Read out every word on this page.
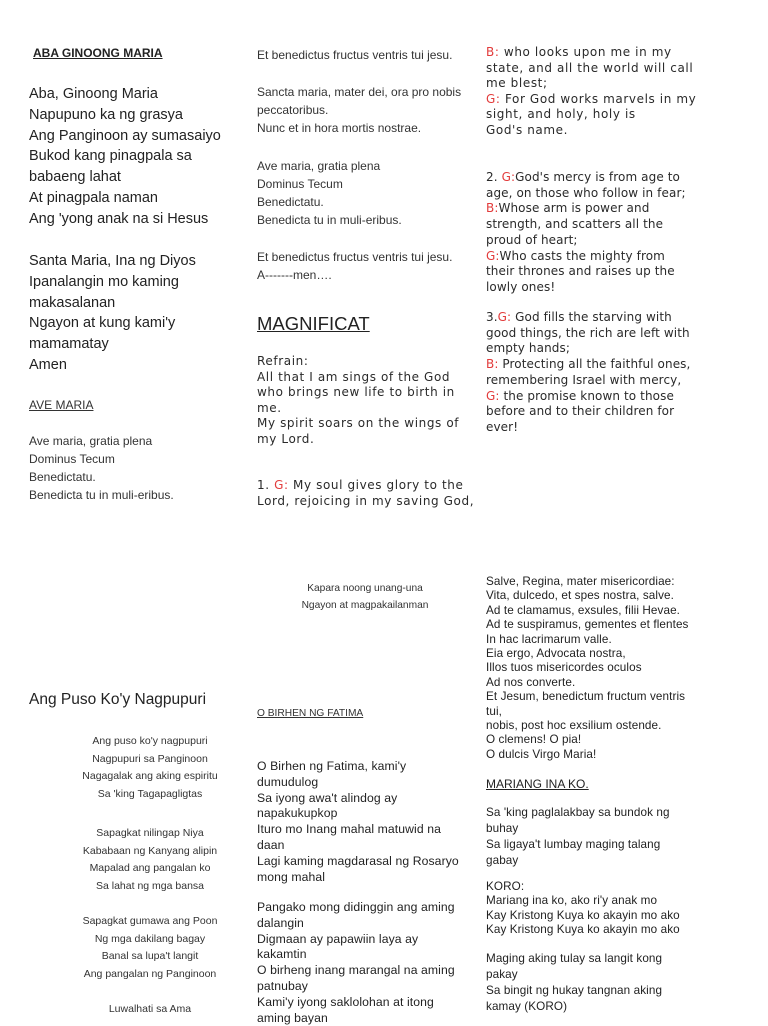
ABA GINOONG MARIA
Aba, Ginoong Maria
Napupuno ka ng grasya
Ang Panginoon ay sumasaiyo
Bukod kang pinagpala sa
babaeng lahat
At pinagpala naman
Ang 'yong anak na si Hesus
Santa Maria, Ina ng Diyos
Ipanalangin mo kaming
makasalanan
Ngayon at kung kami'y
mamamatay
Amen
AVE MARIA
Ave maria, gratia plena
Dominus Tecum
Benedictatu.
Benedicta tu in muli-eribus.
Ang Puso Ko'y Nagpupuri
Ang puso ko'y nagpupuri
Nagpupuri sa Panginoon
Nagagalak ang aking espiritu
Sa 'king Tagapagligtas
Sapagkat nilingap Niya
Kababaan ng Kanyang alipin
Mapalad ang pangalan ko
Sa lahat ng mga bansa
Sapagkat gumawa ang Poon
Ng mga dakilang bagay
Banal sa lupa't langit
Ang pangalan ng Panginoon
Luwalhati sa Ama
Et benedictus fructus ventris tui jesu.
Sancta maria, mater dei, ora pro nobis
peccatoribus.
Nunc et in hora mortis nostrae.
Ave maria, gratia plena
Dominus Tecum
Benedictatu.
Benedicta tu in muli-eribus.
Et benedictus fructus ventris tui jesu.
A-------men….
MAGNIFICAT
Refrain:
All that I am sings of the God
who brings new life to birth in
me.
My spirit soars on the wings of
my Lord.
1. G: My soul gives glory to the
Lord, rejoicing in my saving God,
Kapara noong unang-una
Ngayon at magpakailanman
O BIRHEN NG FATIMA
O Birhen ng Fatima, kami'y
dumudulog
Sa iyong awa't alindog ay
napakukupkop
Ituro mo Inang mahal matuwid na
daan
Lagi kaming magdarasal ng Rosaryo
mong mahal
Pangako mong didinggin ang aming
dalangin
Digmaan ay papawiin laya ay
kakamtin
O birheng inang marangal na aming
patnubay
Kami'y iyong saklolohan at itong
aming bayan
B: who looks upon me in my
state, and all the world will call
me blest;
G: For God works marvels in my
sight, and holy, holy is
God's name.
2. G:God's mercy is from age to
age, on those who follow in fear;
B:Whose arm is power and
strength, and scatters all the
proud of heart;
G:Who casts the mighty from
their thrones and raises up the
lowly ones!
3.G: God fills the starving with
good things, the rich are left with
empty hands;
B: Protecting all the faithful ones,
remembering Israel with mercy,
G: the promise known to those
before and to their children for
ever!
Salve, Regina, mater misericordiae:
Vita, dulcedo, et spes nostra, salve.
Ad te clamamus, exsules, filii Hevae.
Ad te suspiramus, gementes et flentes
In hac lacrimarum valle.
Eia ergo, Advocata nostra,
Illos tuos misericordes oculos
Ad nos converte.
Et Jesum, benedictum fructum ventris
tui,
nobis, post hoc exsilium ostende.
O clemens! O pia!
O dulcis Virgo Maria!
MARIANG INA KO.
Sa 'king paglalakbay sa bundok ng
buhay
Sa ligaya't lumbay maging talang
gabay
KORO:
Mariang ina ko, ako ri'y anak mo
Kay Kristong Kuya ko akayin mo ako
Kay Kristong Kuya ko akayin mo ako
Maging aking tulay sa langit kong
pakay
Sa bingit ng hukay tangnan aking
kamay (KORO)
